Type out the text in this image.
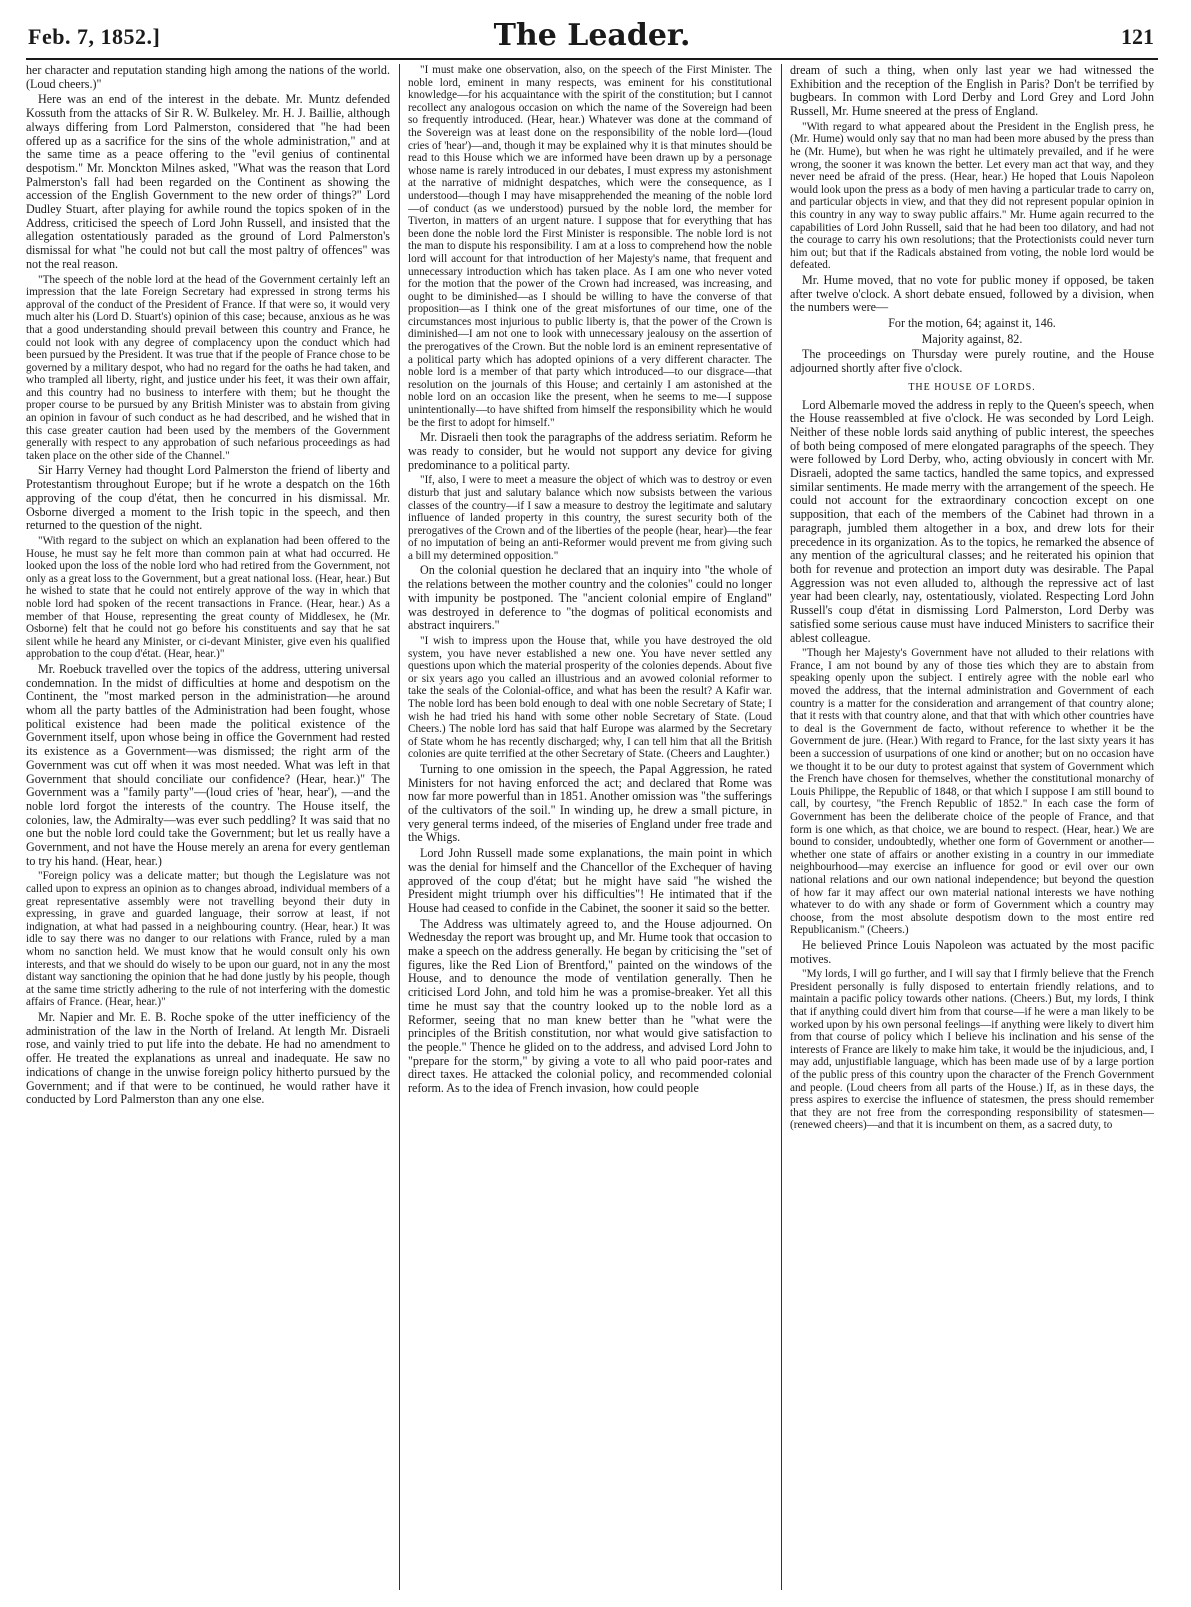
Feb. 7, 1852.]	The Leader.	121

her character and reputation standing high among the nations of the world. (Loud cheers.)"

Here was an end of the interest in the debate. Mr. Muntz defended Kossuth from the attacks of Sir R. W. Bulkeley. Mr. H. J. Baillie, although always differing from Lord Palmerston, considered that "he had been offered up as a sacrifice for the sins of the whole administration," and at the same time as a peace offering to the "evil genius of continental despotism." Mr. Monckton Milnes asked, "What was the reason that Lord Palmerston's fall had been regarded on the Continent as showing the accession of the English Government to the new order of things?" Lord Dudley Stuart, after playing for awhile round the topics spoken of in the Address, criticised the speech of Lord John Russell, and insisted that the allegation ostentatiously paraded as the ground of Lord Palmerston's dismissal for what "he could not but call the most paltry of offences" was not the real reason.

"The speech of the noble lord at the head of the Government certainly left an impression that the late Foreign Secretary had expressed in strong terms his approval of the conduct of the President of France. If that were so, it would very much alter his (Lord D. Stuart's) opinion of this case; because, anxious as he was that a good understanding should prevail between this country and France, he could not look with any degree of complacency upon the conduct which had been pursued by the President. It was true that if the people of France chose to be governed by a military despot, who had no regard for the oaths he had taken, and who trampled all liberty, right, and justice under his feet, it was their own affair, and this country had no business to interfere with them; but he thought the proper course to be pursued by any British Minister was to abstain from giving an opinion in favour of such conduct as he had described, and he wished that in this case greater caution had been used by the members of the Government generally with respect to any approbation of such nefarious proceedings as had taken place on the other side of the Channel."

Sir Harry Verney had thought Lord Palmerston the friend of liberty and Protestantism throughout Europe; but if he wrote a despatch on the 16th approving of the coup d'état, then he concurred in his dismissal. Mr. Osborne diverged a moment to the Irish topic in the speech, and then returned to the question of the night.

"With regard to the subject on which an explanation had been offered to the House, he must say he felt more than common pain at what had occurred. He looked upon the loss of the noble lord who had retired from the Government, not only as a great loss to the Government, but a great national loss. (Hear, hear.) But he wished to state that he could not entirely approve of the way in which that noble lord had spoken of the recent transactions in France. (Hear, hear.) As a member of that House, representing the great county of Middlesex, he (Mr. Osborne) felt that he could not go before his constituents and say that he sat silent while he heard any Minister, or ci-devant Minister, give even his qualified approbation to the coup d'état. (Hear, hear.)"

Mr. Roebuck travelled over the topics of the address, uttering universal condemnation. In the midst of difficulties at home and despotism on the Continent, the "most marked person in the administration—he around whom all the party battles of the Administration had been fought, whose political existence had been made the political existence of the Government itself, upon whose being in office the Government had rested its existence as a Government—was dismissed; the right arm of the Government was cut off when it was most needed. What was left in that Government that should conciliate our confidence? (Hear, hear.)" The Government was a "family party"—(loud cries of 'hear, hear'), —and the noble lord forgot the interests of the country. The House itself, the colonies, law, the Admiralty—was ever such peddling? It was said that no one but the noble lord could take the Government; but let us really have a Government, and not have the House merely an arena for every gentleman to try his hand. (Hear, hear.)

"Foreign policy was a delicate matter; but though the Legislature was not called upon to express an opinion as to changes abroad, individual members of a great representative assembly were not travelling beyond their duty in expressing, in grave and guarded language, their sorrow at least, if not indignation, at what had passed in a neighbouring country. (Hear, hear.) It was idle to say there was no danger to our relations with France, ruled by a man whom no sanction held. We must know that he would consult only his own interests, and that we should do wisely to be upon our guard, not in any the most distant way sanctioning the opinion that he had done justly by his people, though at the same time strictly adhering to the rule of not interfering with the domestic affairs of France. (Hear, hear.)"

Mr. Napier and Mr. E. B. Roche spoke of the utter inefficiency of the administration of the law in the North of Ireland. At length Mr. Disraeli rose, and vainly tried to put life into the debate. He had no amendment to offer. He treated the explanations as unreal and inadequate. He saw no indications of change in the unwise foreign policy hitherto pursued by the Government; and if that were to be continued, he would rather have it conducted by Lord Palmerston than any one else.

"I must make one observation, also, on the speech of the First Minister. The noble lord, eminent in many respects, was eminent for his constitutional knowledge—for his acquaintance with the spirit of the constitution; but I cannot recollect any analogous occasion on which the name of the Sovereign had been so frequently introduced. (Hear, hear.) Whatever was done at the command of the Sovereign was at least done on the responsibility of the noble lord—(loud cries of 'hear')—and, though it may be explained why it is that minutes should be read to this House which we are informed have been drawn up by a personage whose name is rarely introduced in our debates, I must express my astonishment at the narrative of midnight despatches, which were the consequence, as I understood—though I may have misapprehended the meaning of the noble lord—of conduct (as we understood) pursued by the noble lord, the member for Tiverton, in matters of an urgent nature. I suppose that for everything that has been done the noble lord the First Minister is responsible. The noble lord is not the man to dispute his responsibility. I am at a loss to comprehend how the noble lord will account for that introduction of her Majesty's name, that frequent and unnecessary introduction which has taken place. As I am one who never voted for the motion that the power of the Crown had increased, was increasing, and ought to be diminished—as I should be willing to have the converse of that proposition—as I think one of the great misfortunes of our time, one of the circumstances most injurious to public liberty is, that the power of the Crown is diminished—I am not one to look with unnecessary jealousy on the assertion of the prerogatives of the Crown. But the noble lord is an eminent representative of a political party which has adopted opinions of a very different character. The noble lord is a member of that party which introduced—to our disgrace—that resolution on the journals of this House; and certainly I am astonished at the noble lord on an occasion like the present, when he seems to me—I suppose unintentionally—to have shifted from himself the responsibility which he would be the first to adopt for himself."

Mr. Disraeli then took the paragraphs of the address seriatim. Reform he was ready to consider, but he would not support any device for giving predominance to a political party.

"If, also, I were to meet a measure the object of which was to destroy or even disturb that just and salutary balance which now subsists between the various classes of the country—if I saw a measure to destroy the legitimate and salutary influence of landed property in this country, the surest security both of the prerogatives of the Crown and of the liberties of the people (hear, hear)—the fear of no imputation of being an anti-Reformer would prevent me from giving such a bill my determined opposition."

On the colonial question he declared that an inquiry into "the whole of the relations between the mother country and the colonies" could no longer with impunity be postponed. The "ancient colonial empire of England" was destroyed in deference to "the dogmas of political economists and abstract inquirers."

"I wish to impress upon the House that, while you have destroyed the old system, you have never established a new one. You have never settled any questions upon which the material prosperity of the colonies depends. About five or six years ago you called an illustrious and an avowed colonial reformer to take the seals of the Colonial-office, and what has been the result? A Kafir war. The noble lord has been bold enough to deal with one noble Secretary of State; I wish he had tried his hand with some other noble Secretary of State. (Loud Cheers.) The noble lord has said that half Europe was alarmed by the Secretary of State whom he has recently discharged; why, I can tell him that all the British colonies are quite terrified at the other Secretary of State. (Cheers and Laughter.)

Turning to one omission in the speech, the Papal Aggression, he rated Ministers for not having enforced the act; and declared that Rome was now far more powerful than in 1851. Another omission was "the sufferings of the cultivators of the soil." In winding up, he drew a small picture, in very general terms indeed, of the miseries of England under free trade and the Whigs.

Lord John Russell made some explanations, the main point in which was the denial for himself and the Chancellor of the Exchequer of having approved of the coup d'état; but he might have said "he wished the President might triumph over his difficulties"! He intimated that if the House had ceased to confide in the Cabinet, the sooner it said so the better.

The Address was ultimately agreed to, and the House adjourned. On Wednesday the report was brought up, and Mr. Hume took that occasion to make a speech on the address generally. He began by criticising the "set of figures, like the Red Lion of Brentford," painted on the windows of the House, and to denounce the mode of ventilation generally. Then he criticised Lord John, and told him he was a promise-breaker. Yet all this time he must say that the country looked up to the noble lord as a Reformer, seeing that no man knew better than he "what were the principles of the British constitution, nor what would give satisfaction to the people." Thence he glided on to the address, and advised Lord John to "prepare for the storm," by giving a vote to all who paid poor-rates and direct taxes. He attacked the colonial policy, and recommended colonial reform. As to the idea of French invasion, how could people

dream of such a thing, when only last year we had witnessed the Exhibition and the reception of the English in Paris? Don't be terrified by bugbears. In common with Lord Derby and Lord Grey and Lord John Russell, Mr. Hume sneered at the press of England.

"With regard to what appeared about the President in the English press, he (Mr. Hume) would only say that no man had been more abused by the press than he (Mr. Hume), but when he was right he ultimately prevailed, and if he were wrong, the sooner it was known the better. Let every man act that way, and they never need be afraid of the press. (Hear, hear.) He hoped that Louis Napoleon would look upon the press as a body of men having a particular trade to carry on, and particular objects in view, and that they did not represent popular opinion in this country in any way to sway public affairs." Mr. Hume again recurred to the capabilities of Lord John Russell, said that he had been too dilatory, and had not the courage to carry his own resolutions; that the Protectionists could never turn him out; but that if the Radicals abstained from voting, the noble lord would be defeated.

Mr. Hume moved, that no vote for public money if opposed, be taken after twelve o'clock. A short debate ensued, followed by a division, when the numbers were—

For the motion, 64; against it, 146.

Majority against, 82.

The proceedings on Thursday were purely routine, and the House adjourned shortly after five o'clock.

THE HOUSE OF LORDS.

Lord Albemarle moved the address in reply to the Queen's speech, when the House reassembled at five o'clock. He was seconded by Lord Leigh. Neither of these noble lords said anything of public interest, the speeches of both being composed of mere elongated paragraphs of the speech. They were followed by Lord Derby, who, acting obviously in concert with Mr. Disraeli, adopted the same tactics, handled the same topics, and expressed similar sentiments. He made merry with the arrangement of the speech. He could not account for the extraordinary concoction except on one supposition, that each of the members of the Cabinet had thrown in a paragraph, jumbled them altogether in a box, and drew lots for their precedence in its organization. As to the topics, he remarked the absence of any mention of the agricultural classes; and he reiterated his opinion that both for revenue and protection an import duty was desirable. The Papal Aggression was not even alluded to, although the repressive act of last year had been clearly, nay, ostentatiously, violated. Respecting Lord John Russell's coup d'état in dismissing Lord Palmerston, Lord Derby was satisfied some serious cause must have induced Ministers to sacrifice their ablest colleague.

"Though her Majesty's Government have not alluded to their relations with France, I am not bound by any of those ties which they are to abstain from speaking openly upon the subject. I entirely agree with the noble earl who moved the address, that the internal administration and Government of each country is a matter for the consideration and arrangement of that country alone; that it rests with that country alone, and that that with which other countries have to deal is the Government de facto, without reference to whether it be the Government de jure. (Hear.) With regard to France, for the last sixty years it has been a succession of usurpations of one kind or another; but on no occasion have we thought it to be our duty to protest against that system of Government which the French have chosen for themselves, whether the constitutional monarchy of Louis Philippe, the Republic of 1848, or that which I suppose I am still bound to call, by courtesy, "the French Republic of 1852." In each case the form of Government has been the deliberate choice of the people of France, and that form is one which, as that choice, we are bound to respect. (Hear, hear.) We are bound to consider, undoubtedly, whether one form of Government or another—whether one state of affairs or another existing in a country in our immediate neighbourhood—may exercise an influence for good or evil over our own national relations and our own national independence; but beyond the question of how far it may affect our own material national interests we have nothing whatever to do with any shade or form of Government which a country may choose, from the most absolute despotism down to the most entire red Republicanism." (Cheers.)

He believed Prince Louis Napoleon was actuated by the most pacific motives.

"My lords, I will go further, and I will say that I firmly believe that the French President personally is fully disposed to entertain friendly relations, and to maintain a pacific policy towards other nations. (Cheers.) But, my lords, I think that if anything could divert him from that course—if he were a man likely to be worked upon by his own personal feelings—if anything were likely to divert him from that course of policy which I believe his inclination and his sense of the interests of France are likely to make him take, it would be the injudicious, and, I may add, unjustifiable language, which has been made use of by a large portion of the public press of this country upon the character of the French Government and people. (Loud cheers from all parts of the House.) If, as in these days, the press aspires to exercise the influence of statesmen, the press should remember that they are not free from the corresponding responsibility of statesmen—(renewed cheers)—and that it is incumbent on them, as a sacred duty, to
